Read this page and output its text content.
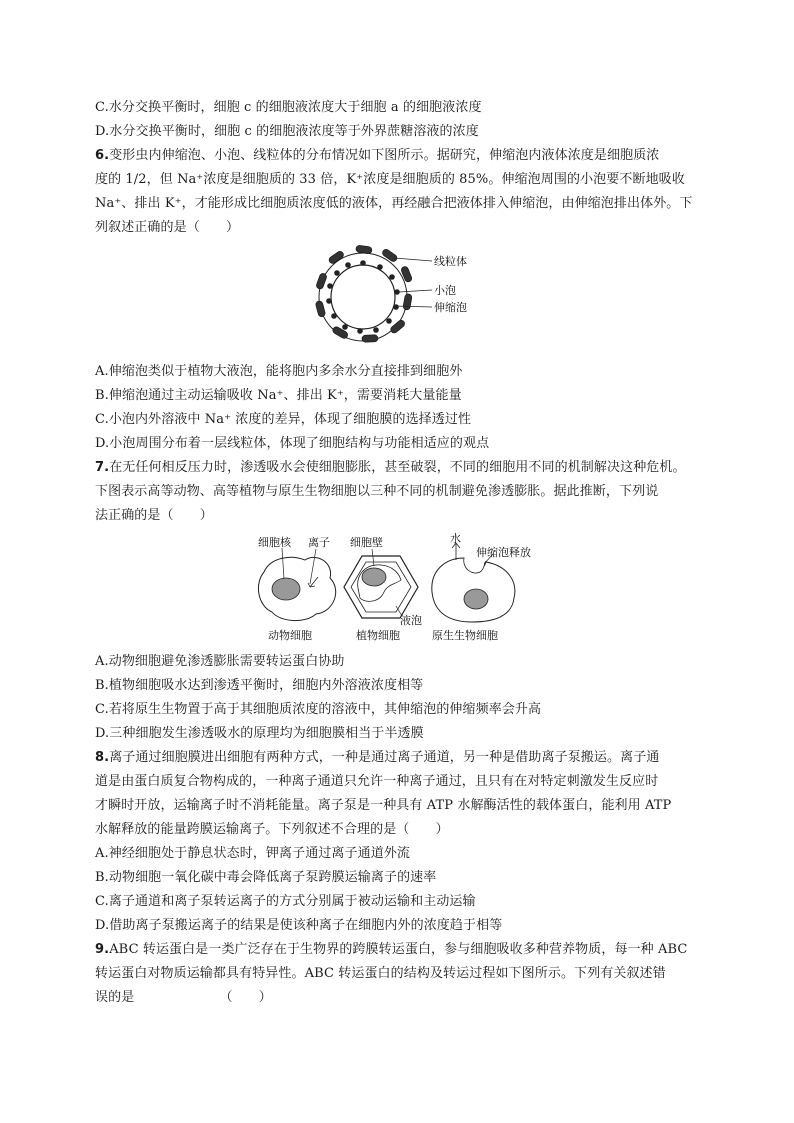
C.水分交换平衡时，细胞 c 的细胞液浓度大于细胞 a 的细胞液浓度
D.水分交换平衡时，细胞 c 的细胞液浓度等于外界蔗糖溶液的浓度
6.变形虫内伸缩泡、小泡、线粒体的分布情况如下图所示。据研究，伸缩泡内液体浓度是细胞质浓
度的 1/2，但 Na⁺浓度是细胞质的 33 倍，K⁺浓度是细胞质的 85%。伸缩泡周围的小泡要不断地吸收
Na⁺、排出 K⁺，才能形成比细胞质浓度低的液体，再经融合把液体排入伸缩泡，由伸缩泡排出体外。下
列叙述正确的是（　　）
线粒体
小泡
伸缩泡
A.伸缩泡类似于植物大液泡，能将胞内多余水分直接排到细胞外
B.伸缩泡通过主动运输吸收 Na⁺、排出 K⁺，需要消耗大量能量
C.小泡内外溶液中 Na⁺ 浓度的差异，体现了细胞膜的选择透过性
D.小泡周围分布着一层线粒体，体现了细胞结构与功能相适应的观点
7.在无任何相反压力时，渗透吸水会使细胞膨胀，甚至破裂，不同的细胞用不同的机制解决这种危机。
下图表示高等动物、高等植物与原生生物细胞以三种不同的机制避免渗透膨胀。据此推断，下列说
法正确的是（　　）
细胞核 离子 细胞壁	水
伸缩泡释放
液泡
动物细胞	植物细胞	原生生物细胞
A.动物细胞避免渗透膨胀需要转运蛋白协助
B.植物细胞吸水达到渗透平衡时，细胞内外溶液浓度相等
C.若将原生生物置于高于其细胞质浓度的溶液中，其伸缩泡的伸缩频率会升高
D.三种细胞发生渗透吸水的原理均为细胞膜相当于半透膜
8.离子通过细胞膜进出细胞有两种方式，一种是通过离子通道，另一种是借助离子泵搬运。离子通
道是由蛋白质复合物构成的，一种离子通道只允许一种离子通过，且只有在对特定刺激发生反应时
才瞬时开放，运输离子时不消耗能量。离子泵是一种具有 ATP 水解酶活性的载体蛋白，能利用 ATP
水解释放的能量跨膜运输离子。下列叙述不合理的是（　　）
A.神经细胞处于静息状态时，钾离子通过离子通道外流
B.动物细胞一氧化碳中毒会降低离子泵跨膜运输离子的速率
C.离子通道和离子泵转运离子的方式分别属于被动运输和主动运输
D.借助离子泵搬运离子的结果是使该种离子在细胞内外的浓度趋于相等
9.ABC 转运蛋白是一类广泛存在于生物界的跨膜转运蛋白，参与细胞吸收多种营养物质，每一种 ABC
转运蛋白对物质运输都具有特异性。ABC 转运蛋白的结构及转运过程如下图所示。下列有关叙述错
误的是　　　　　　　（　　）
